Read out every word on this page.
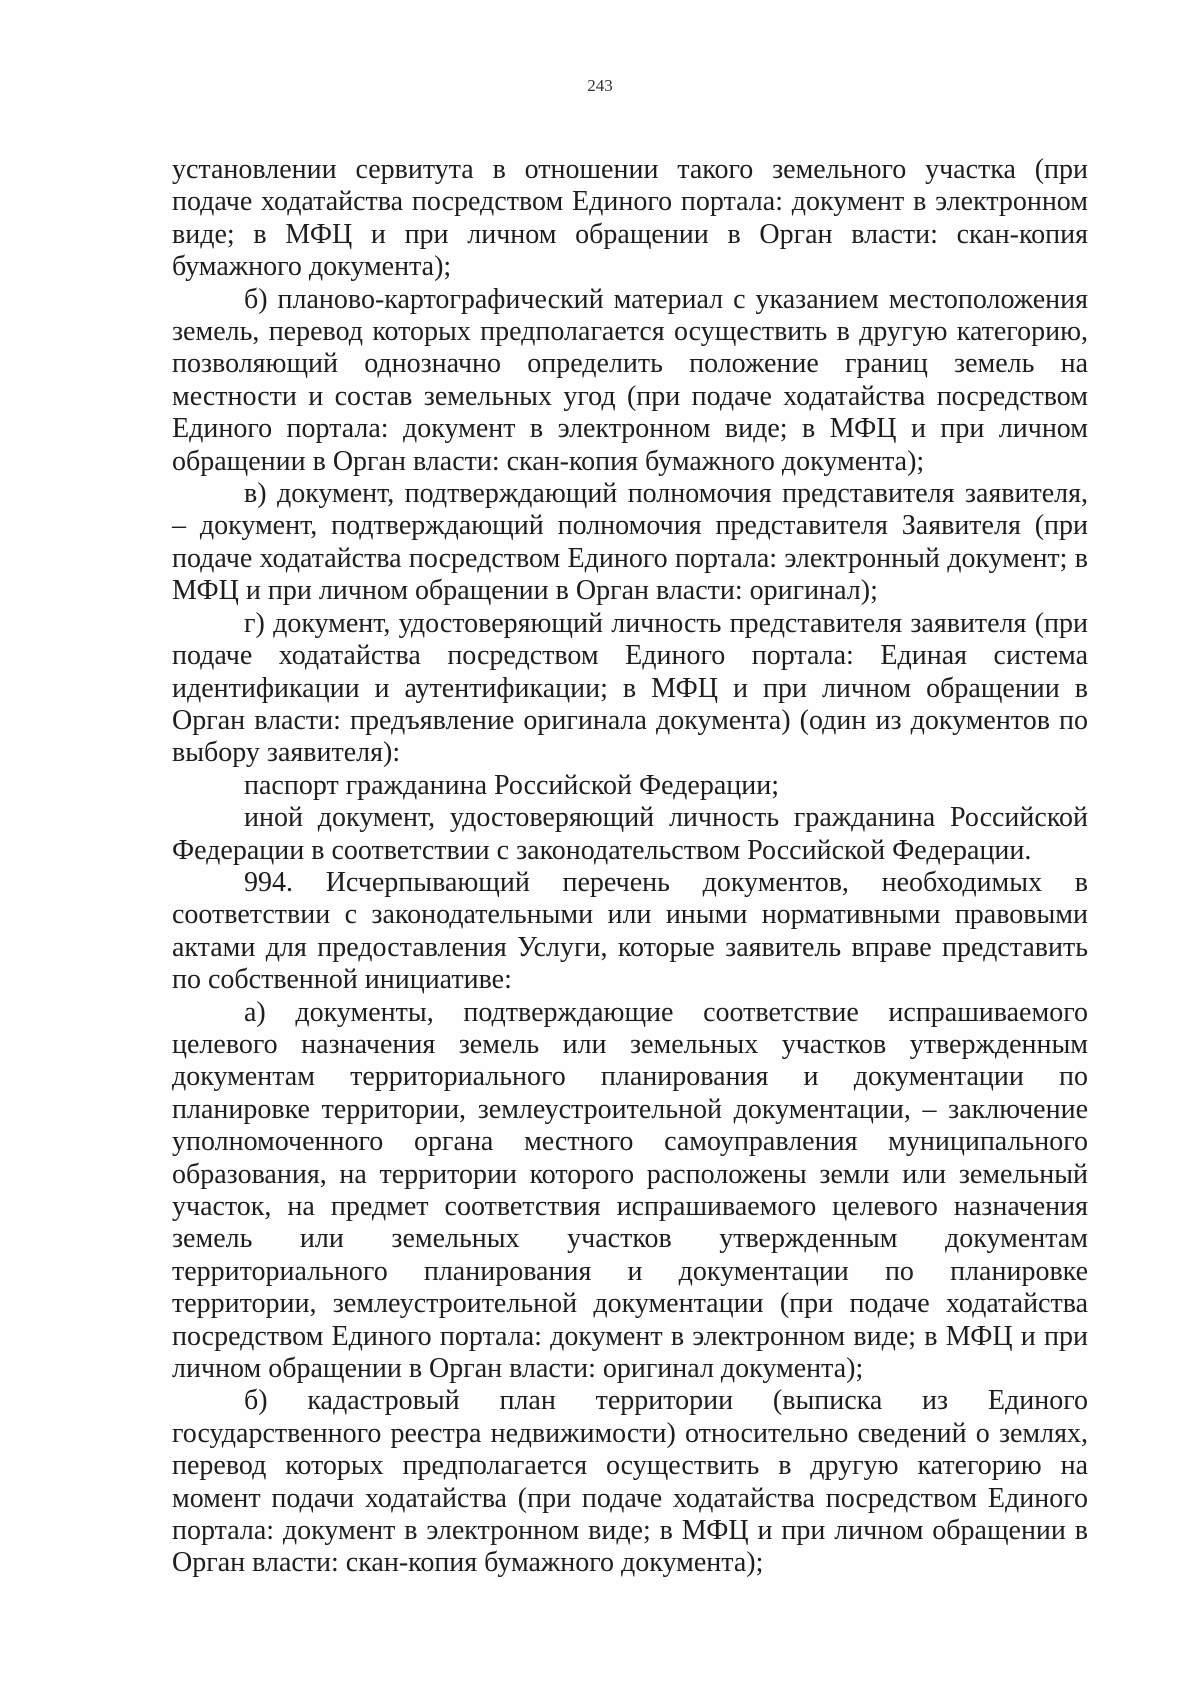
243

установлении сервитута в отношении такого земельного участка (при подаче ходатайства посредством Единого портала: документ в электронном виде; в МФЦ и при личном обращении в Орган власти: скан-копия бумажного документа);

б) планово-картографический материал с указанием местоположения земель, перевод которых предполагается осуществить в другую категорию, позволяющий однозначно определить положение границ земель на местности и состав земельных угод (при подаче ходатайства посредством Единого портала: документ в электронном виде; в МФЦ и при личном обращении в Орган власти: скан-копия бумажного документа);

в) документ, подтверждающий полномочия представителя заявителя, – документ, подтверждающий полномочия представителя Заявителя (при подаче ходатайства посредством Единого портала: электронный документ; в МФЦ и при личном обращении в Орган власти: оригинал);

г) документ, удостоверяющий личность представителя заявителя (при подаче ходатайства посредством Единого портала: Единая система идентификации и аутентификации; в МФЦ и при личном обращении в Орган власти: предъявление оригинала документа) (один из документов по выбору заявителя):

паспорт гражданина Российской Федерации;

иной документ, удостоверяющий личность гражданина Российской Федерации в соответствии с законодательством Российской Федерации.

994. Исчерпывающий перечень документов, необходимых в соответствии с законодательными или иными нормативными правовыми актами для предоставления Услуги, которые заявитель вправе представить по собственной инициативе:

а) документы, подтверждающие соответствие испрашиваемого целевого назначения земель или земельных участков утвержденным документам территориального планирования и документации по планировке территории, землеустроительной документации, – заключение уполномоченного органа местного самоуправления муниципального образования, на территории которого расположены земли или земельный участок, на предмет соответствия испрашиваемого целевого назначения земель или земельных участков утвержденным документам территориального планирования и документации по планировке территории, землеустроительной документации (при подаче ходатайства посредством Единого портала: документ в электронном виде; в МФЦ и при личном обращении в Орган власти: оригинал документа);

б) кадастровый план территории (выписка из Единого государственного реестра недвижимости) относительно сведений о землях, перевод которых предполагается осуществить в другую категорию на момент подачи ходатайства (при подаче ходатайства посредством Единого портала: документ в электронном виде; в МФЦ и при личном обращении в Орган власти: скан-копия бумажного документа);
